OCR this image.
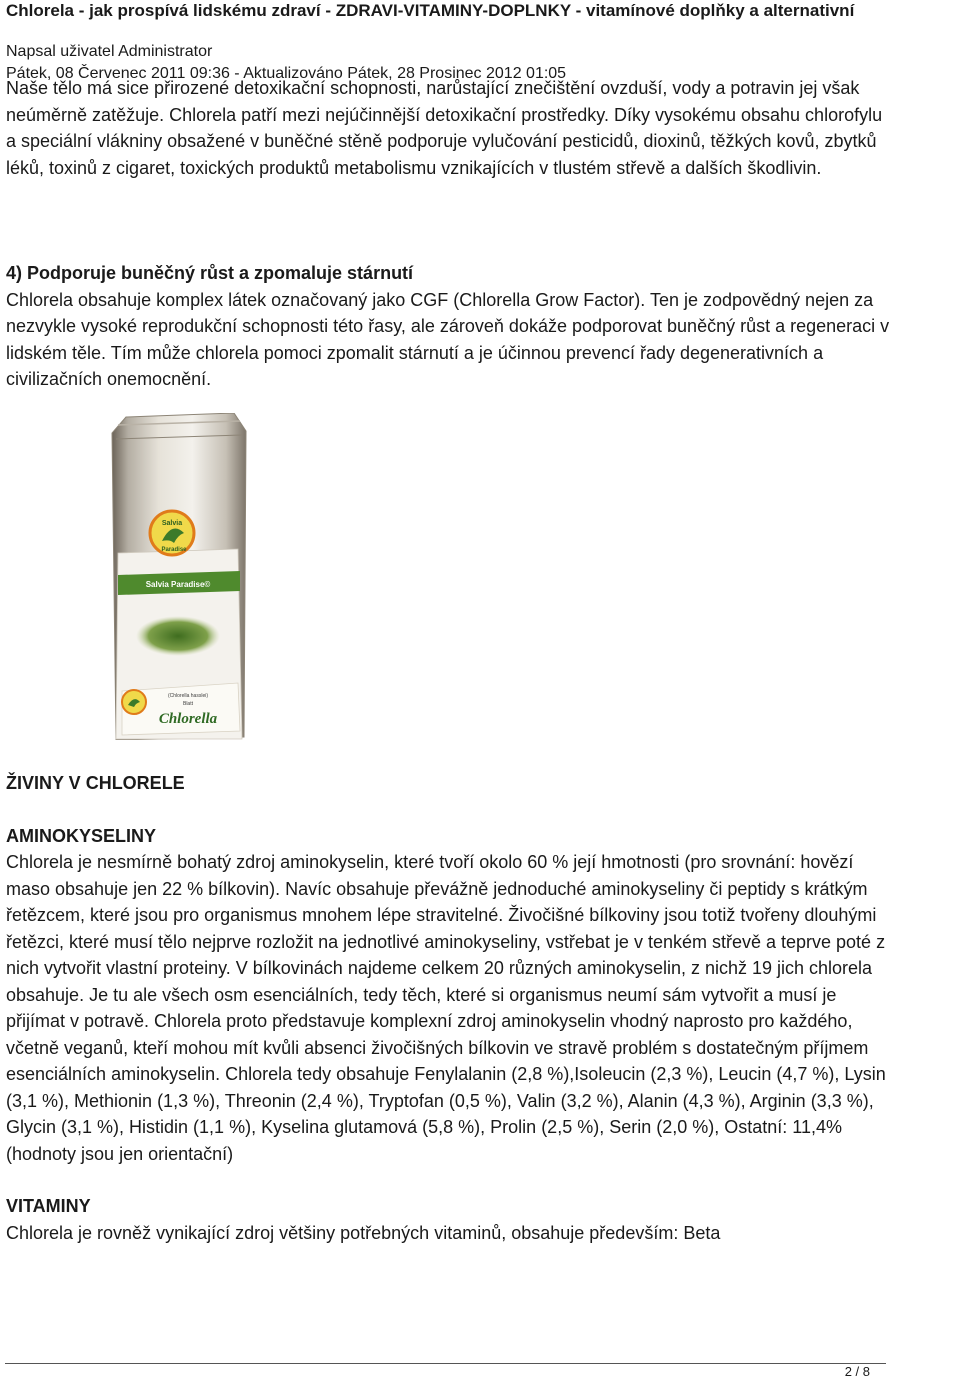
Chlorela - jak prospívá lidskému zdraví - ZDRAVI-VITAMINY-DOPLNKY - vitamínové doplňky a alternativní
Napsal uživatel Administrator
Pátek, 08 Červenec 2011 09:36 - Aktualizováno Pátek, 28 Prosinec 2012 01:05

Naše tělo má sice přirozené detoxikační schopnosti, narůstající znečištění ovzduší, vody a potravin jej však neúměrně zatěžuje. Chlorela patří mezi nejúčinnější detoxikační prostředky. Díky vysokému obsahu chlorofylu a speciální vlákniny obsažené v buněčné stěně podporuje vylučování pesticidů, dioxinů, těžkých kovů, zbytků léků, toxinů z cigaret, toxických produktů metabolismu vznikajících v tlustém střevě a dalších škodlivin.

4) Podporuje buněčný růst a zpomaluje stárnutí

Chlorela obsahuje komplex látek označovaný jako CGF (Chlorella Grow Factor). Ten je zodpovědný nejen za nezvykle vysoké reprodukční schopnosti této řasy, ale zároveň dokáže podporovat buněčný růst a regeneraci v lidském těle. Tím může chlorela pomoci zpomalit stárnutí a je účinnou prevencí řady degenerativních a civilizačních onemocnění.

Salvia
Paradise
Salvia Paradise©
(Chlorella hasslei)
Blatt
Chlorella

ŽIVINY V CHLORELE

AMINOKYSELINY

Chlorela je nesmírně bohatý zdroj aminokyselin, které tvoří okolo 60 % její hmotnosti (pro srovnání: hovězí maso obsahuje jen 22 % bílkovin). Navíc obsahuje převážně jednoduché aminokyseliny či peptidy s krátkým řetězcem, které jsou pro organismus mnohem lépe stravitelné. Živočišné bílkoviny jsou totiž tvořeny dlouhými řetězci, které musí tělo nejprve rozložit na jednotlivé aminokyseliny, vstřebat je v tenkém střevě a teprve poté z nich vytvořit vlastní proteiny. V bílkovinách najdeme celkem 20 různých aminokyselin, z nichž 19 jich chlorela obsahuje. Je tu ale všech osm esenciálních, tedy těch, které si organismus neumí sám vytvořit a musí je přijímat v potravě. Chlorela proto představuje komplexní zdroj aminokyselin vhodný naprosto pro každého, včetně veganů, kteří mohou mít kvůli absenci živočišných bílkovin ve stravě problém s dostatečným příjmem esenciálních aminokyselin. Chlorela tedy obsahuje Fenylalanin (2,8 %),Isoleucin (2,3 %), Leucin (4,7 %), Lysin (3,1 %), Methionin (1,3 %), Threonin (2,4 %), Tryptofan (0,5 %), Valin (3,2 %), Alanin (4,3 %), Arginin (3,3 %), Glycin (3,1 %), Histidin (1,1 %), Kyselina glutamová (5,8 %), Prolin (2,5 %), Serin (2,0 %), Ostatní: 11,4% (hodnoty jsou jen orientační)

VITAMINY

Chlorela je rovněž vynikající zdroj většiny potřebných vitaminů, obsahuje především: Beta

2 / 8
